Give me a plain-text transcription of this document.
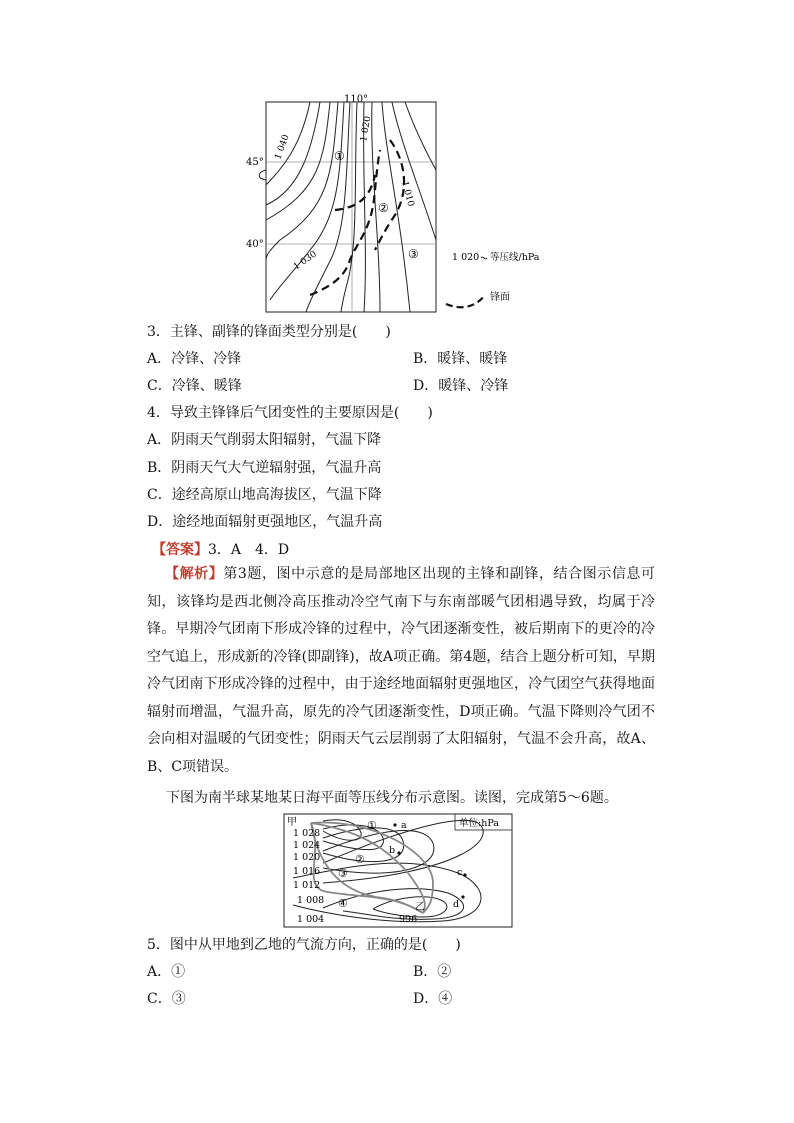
110°
45°
40°
1 040
1 030
1 020
1 010
①
②
③	1 020 等压线/hPa
锋面
3．主锋、副锋的锋面类型分别是(　　)
A．冷锋、冷锋	B．暖锋、暖锋
C．冷锋、暖锋	D．暖锋、冷锋
4．导致主锋锋后气团变性的主要原因是(　　)
A．阴雨天气削弱太阳辐射，气温下降
B．阴雨天气大气逆辐射强，气温升高
C．途经高原山地高海拔区，气温下降
D．途经地面辐射更强地区，气温升高
【答案】3．A　4．D
【解析】第3题，图中示意的是局部地区出现的主锋和副锋，结合图示信息可知，该锋均是西北侧冷高压推动冷空气南下与东南部暖气团相遇导致，均属于冷锋。早期冷气团南下形成冷锋的过程中，冷气团逐渐变性，被后期南下的更冷的冷空气追上，形成新的冷锋(即副锋)，故A项正确。第4题，结合上题分析可知，早期冷气团南下形成冷锋的过程中，由于途经地面辐射更强地区，冷气团空气获得地面辐射而增温，气温升高，原先的冷气团逐渐变性，D项正确。气温下降则冷气团不会向相对温暖的气团变性；阴雨天气云层削弱了太阳辐射，气温不会升高，故A、B、C项错误。
下图为南半球某地某日海平面等压线分布示意图。读图，完成第5～6题。
单位:hPa
甲
1 028
1 024
1 020
1 016
1 012
1 008
1 004	996
乙
①
②
③
④
a
b
c
d
5．图中从甲地到乙地的气流方向，正确的是(　　)
A．①	B．②
C．③	D．④
